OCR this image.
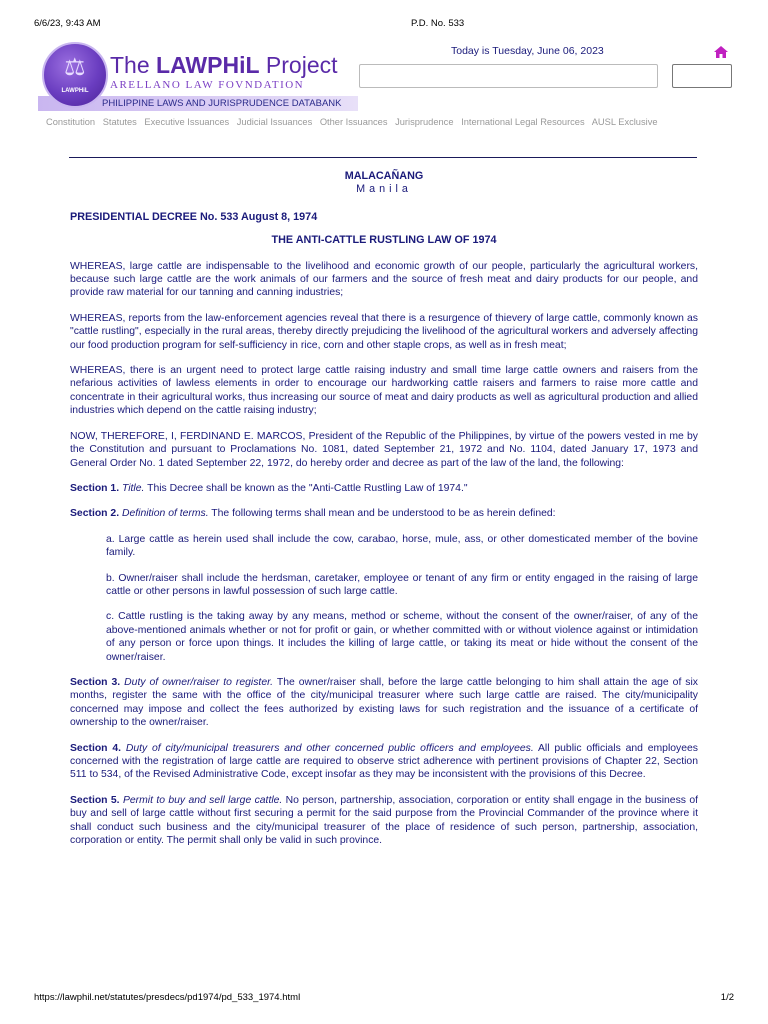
6/6/23, 9:43 AM	P.D. No. 533
PHILIPPINE LAWS AND JURISPRUDENCE DATABANK
⚖
LAWPHiL
The LAWPHiL Project
ARELLANO LAW FOVNDATION
Today is Tuesday, June 06, 2023
Constitution Statutes Executive Issuances Judicial Issuances Other Issuances Jurisprudence International Legal Resources AUSL Exclusive
MALACAÑANG
Manila
PRESIDENTIAL DECREE No. 533 August 8, 1974
THE ANTI-CATTLE RUSTLING LAW OF 1974

WHEREAS, large cattle are indispensable to the livelihood and economic growth of our people, particularly the agricultural workers, because such large cattle are the work animals of our farmers and the source of fresh meat and dairy products for our people, and provide raw material for our tanning and canning industries;

WHEREAS, reports from the law-enforcement agencies reveal that there is a resurgence of thievery of large cattle, commonly known as "cattle rustling", especially in the rural areas, thereby directly prejudicing the livelihood of the agricultural workers and adversely affecting our food production program for self-sufficiency in rice, corn and other staple crops, as well as in fresh meat;

WHEREAS, there is an urgent need to protect large cattle raising industry and small time large cattle owners and raisers from the nefarious activities of lawless elements in order to encourage our hardworking cattle raisers and farmers to raise more cattle and concentrate in their agricultural works, thus increasing our source of meat and dairy products as well as agricultural production and allied industries which depend on the cattle raising industry;

NOW, THEREFORE, I, FERDINAND E. MARCOS, President of the Republic of the Philippines, by virtue of the powers vested in me by the Constitution and pursuant to Proclamations No. 1081, dated September 21, 1972 and No. 1104, dated January 17, 1973 and General Order No. 1 dated September 22, 1972, do hereby order and decree as part of the law of the land, the following:

Section 1. Title. This Decree shall be known as the "Anti-Cattle Rustling Law of 1974."

Section 2. Definition of terms. The following terms shall mean and be understood to be as herein defined:

a. Large cattle as herein used shall include the cow, carabao, horse, mule, ass, or other domesticated member of the bovine family.

b. Owner/raiser shall include the herdsman, caretaker, employee or tenant of any firm or entity engaged in the raising of large cattle or other persons in lawful possession of such large cattle.

c. Cattle rustling is the taking away by any means, method or scheme, without the consent of the owner/raiser, of any of the above-mentioned animals whether or not for profit or gain, or whether committed with or without violence against or intimidation of any person or force upon things. It includes the killing of large cattle, or taking its meat or hide without the consent of the owner/raiser.

Section 3. Duty of owner/raiser to register. The owner/raiser shall, before the large cattle belonging to him shall attain the age of six months, register the same with the office of the city/municipal treasurer where such large cattle are raised. The city/municipality concerned may impose and collect the fees authorized by existing laws for such registration and the issuance of a certificate of ownership to the owner/raiser.

Section 4. Duty of city/municipal treasurers and other concerned public officers and employees. All public officials and employees concerned with the registration of large cattle are required to observe strict adherence with pertinent provisions of Chapter 22, Section 511 to 534, of the Revised Administrative Code, except insofar as they may be inconsistent with the provisions of this Decree.

Section 5. Permit to buy and sell large cattle. No person, partnership, association, corporation or entity shall engage in the business of buy and sell of large cattle without first securing a permit for the said purpose from the Provincial Commander of the province where it shall conduct such business and the city/municipal treasurer of the place of residence of such person, partnership, association, corporation or entity. The permit shall only be valid in such province.

https://lawphil.net/statutes/presdecs/pd1974/pd_533_1974.html	1/2
